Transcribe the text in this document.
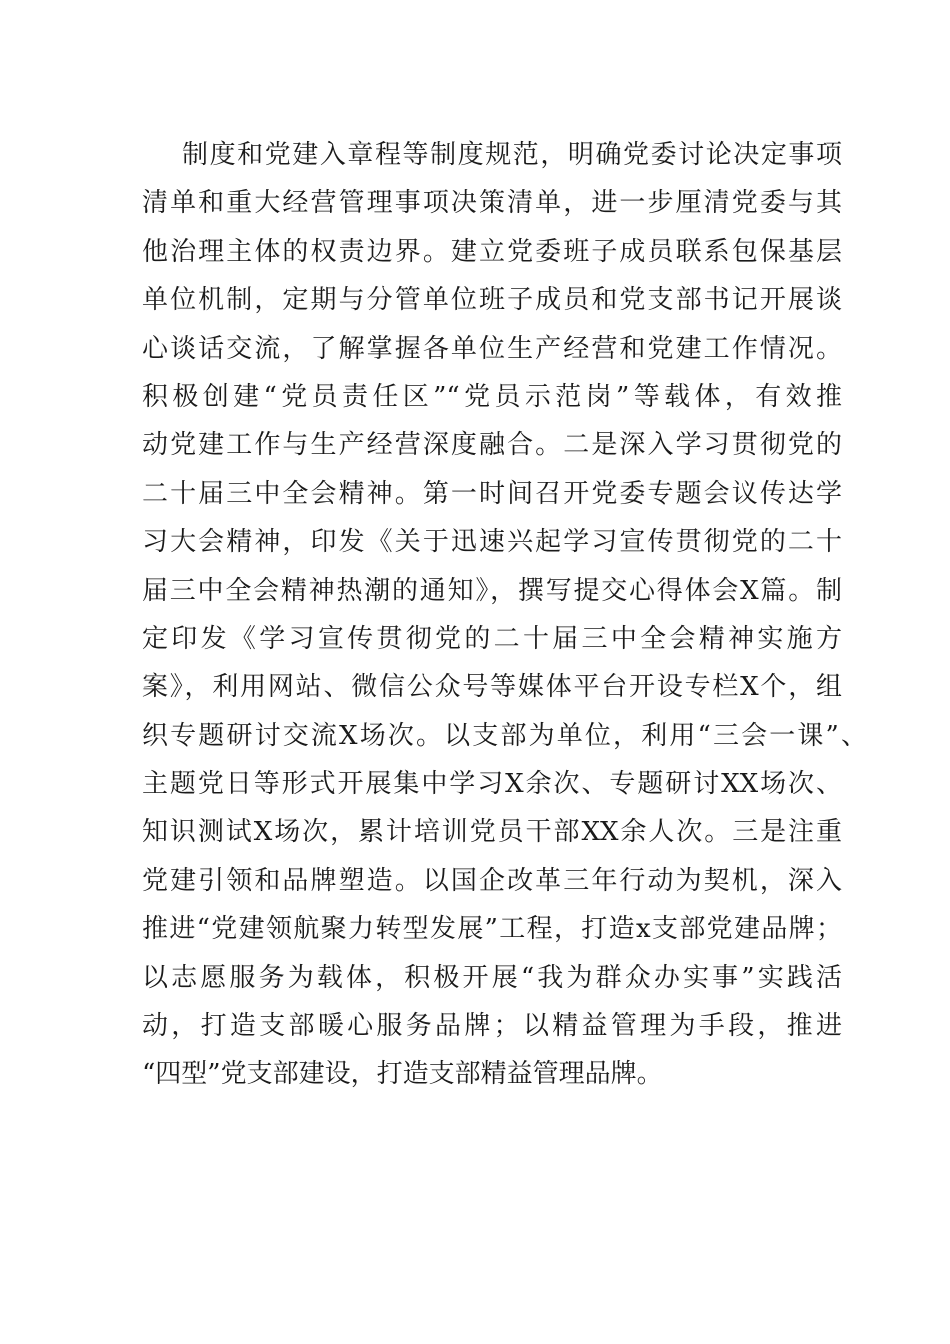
制度和党建入章程等制度规范，明确党委讨论决定事项
清单和重大经营管理事项决策清单，进一步厘清党委与其
他治理主体的权责边界。建立党委班子成员联系包保基层
单位机制，定期与分管单位班子成员和党支部书记开展谈
心谈话交流，了解掌握各单位生产经营和党建工作情况。
积极创建“党员责任区”“党员示范岗”等载体，有效推
动党建工作与生产经营深度融合。二是深入学习贯彻党的
二十届三中全会精神。第一时间召开党委专题会议传达学
习大会精神，印发《关于迅速兴起学习宣传贯彻党的二十
届三中全会精神热潮的通知》，撰写提交心得体会X篇。制
定印发《学习宣传贯彻党的二十届三中全会精神实施方
案》，利用网站、微信公众号等媒体平台开设专栏X个，组
织专题研讨交流X场次。以支部为单位，利用“三会一课”、
主题党日等形式开展集中学习X余次、专题研讨XX场次、
知识测试X场次，累计培训党员干部XX余人次。三是注重
党建引领和品牌塑造。以国企改革三年行动为契机，深入
推进“党建领航聚力转型发展”工程，打造x支部党建品牌；
以志愿服务为载体，积极开展“我为群众办实事”实践活
动，打造支部暖心服务品牌；以精益管理为手段，推进
“四型”党支部建设，打造支部精益管理品牌。
